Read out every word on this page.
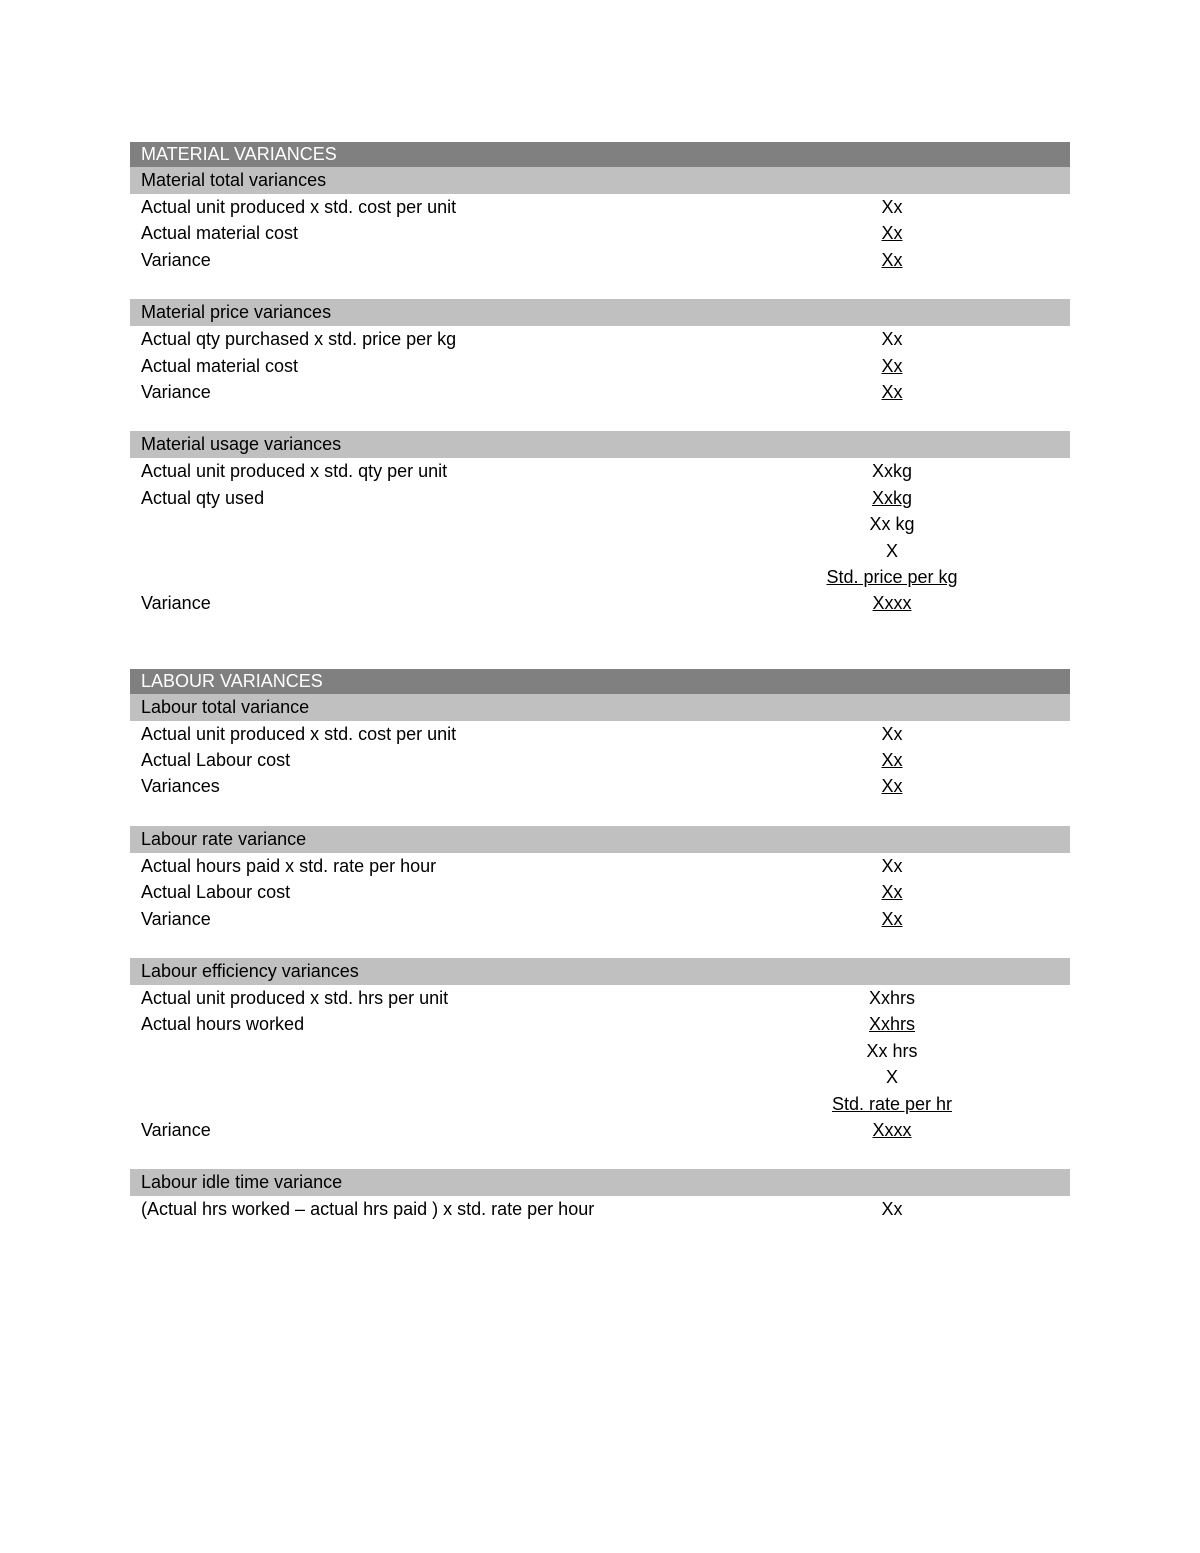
MATERIAL VARIANCES
Material total variances
Actual unit produced x std. cost per unit	Xx
Actual material cost	Xx
Variance	Xx
Material price variances
Actual qty purchased x std. price per kg	Xx
Actual material cost	Xx
Variance	Xx
Material usage variances
Actual unit produced x std. qty per unit	Xxkg
Actual qty used	Xxkg
Xx kg
X
Std. price per kg
Variance	Xxxx
LABOUR VARIANCES
Labour total variance
Actual unit produced x std. cost per unit	Xx
Actual Labour cost	Xx
Variances	Xx
Labour rate variance
Actual hours paid x std. rate per hour	Xx
Actual Labour cost	Xx
Variance	Xx
Labour efficiency variances
Actual unit produced x std. hrs per unit	Xxhrs
Actual hours worked	Xxhrs
Xx hrs
X
Std. rate per hr
Variance	Xxxx
Labour idle time variance
(Actual hrs worked – actual hrs paid ) x std. rate per hour	Xx
